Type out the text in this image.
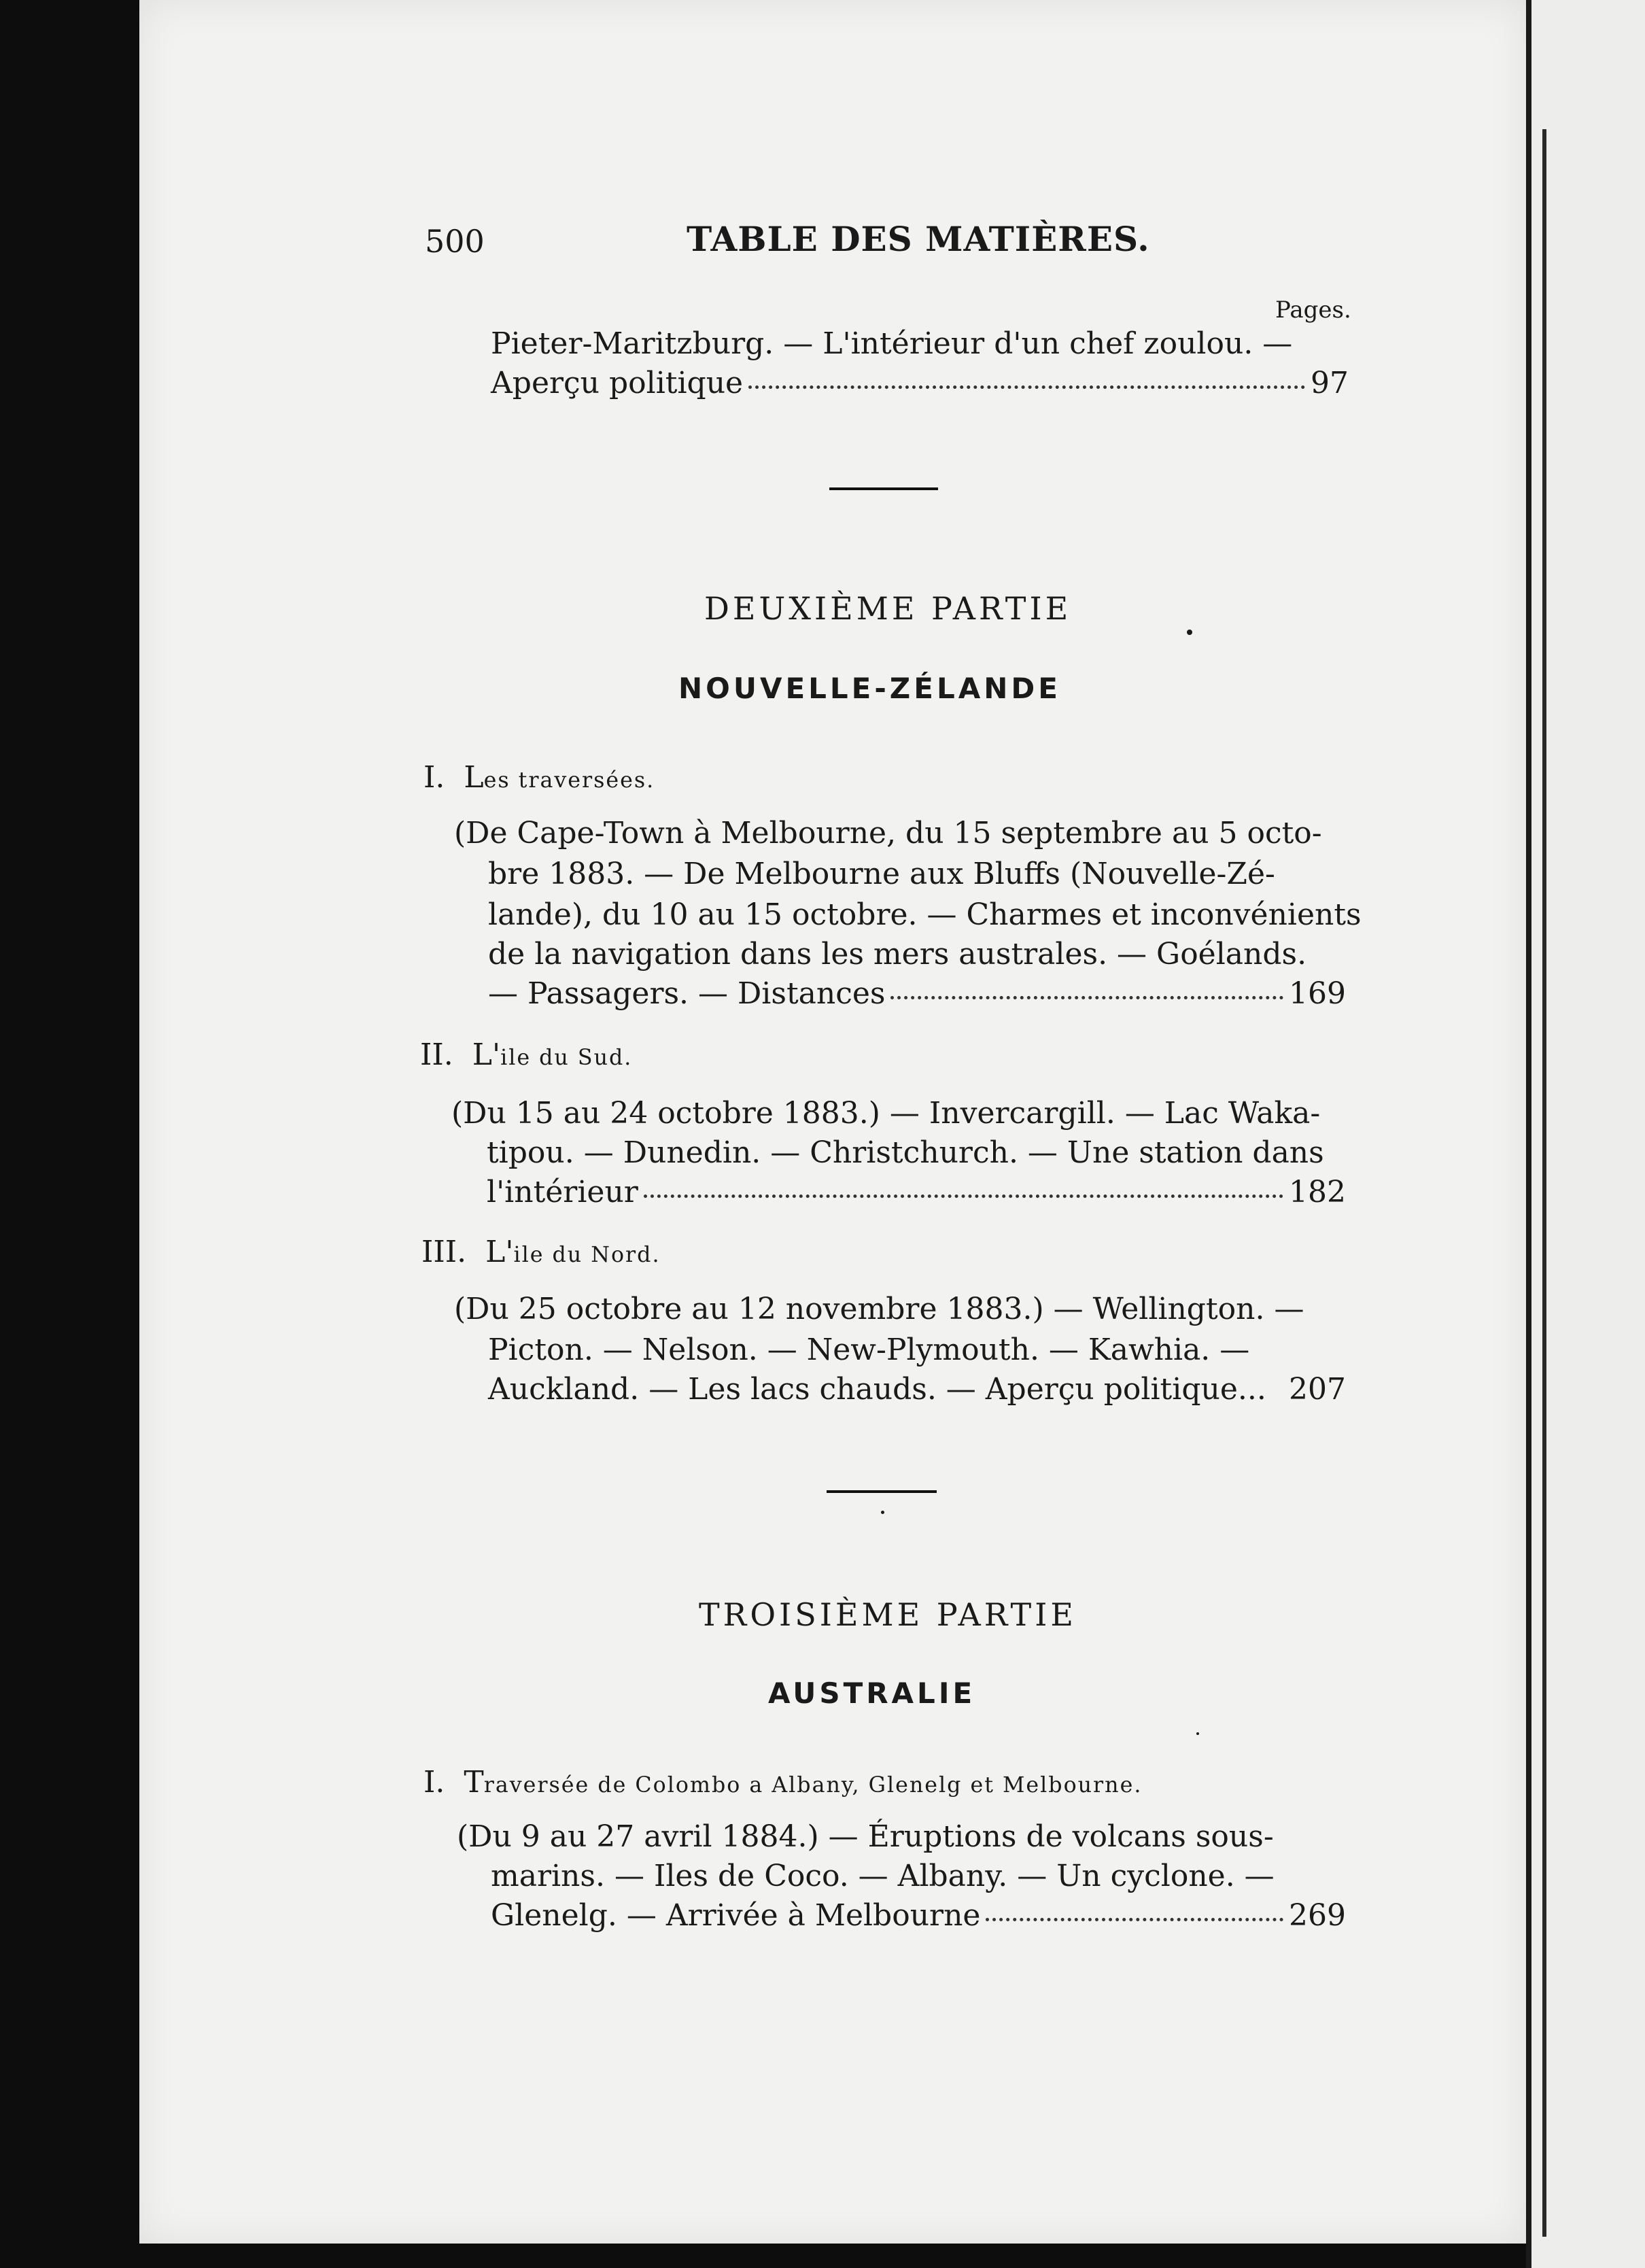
500	TABLE DES MATIÈRES.
Pages.
Pieter-Maritzburg. — L'intérieur d'un chef zoulou. —
Aperçu politique	97
DEUXIÈME PARTIE
NOUVELLE-ZÉLANDE
I. Les traversées.
(De Cape-Town à Melbourne, du 15 septembre au 5 octo-
bre 1883. — De Melbourne aux Bluffs (Nouvelle-Zé-
lande), du 10 au 15 octobre. — Charmes et inconvénients
de la navigation dans les mers australes. — Goélands.
— Passagers. — Distances	169
II. L'ile du Sud.
(Du 15 au 24 octobre 1883.) — Invercargill. — Lac Waka-
tipou. — Dunedin. — Christchurch. — Une station dans
l'intérieur	182
III. L'ile du Nord.
(Du 25 octobre au 12 novembre 1883.) — Wellington. —
Picton. — Nelson. — New-Plymouth. — Kawhia. —
Auckland. — Les lacs chauds. — Aperçu politique... 207
TROISIÈME PARTIE
AUSTRALIE
I. Traversée de Colombo a Albany, Glenelg et Melbourne.
(Du 9 au 27 avril 1884.) — Éruptions de volcans sous-
marins. — Iles de Coco. — Albany. — Un cyclone. —
Glenelg. — Arrivée à Melbourne	269
